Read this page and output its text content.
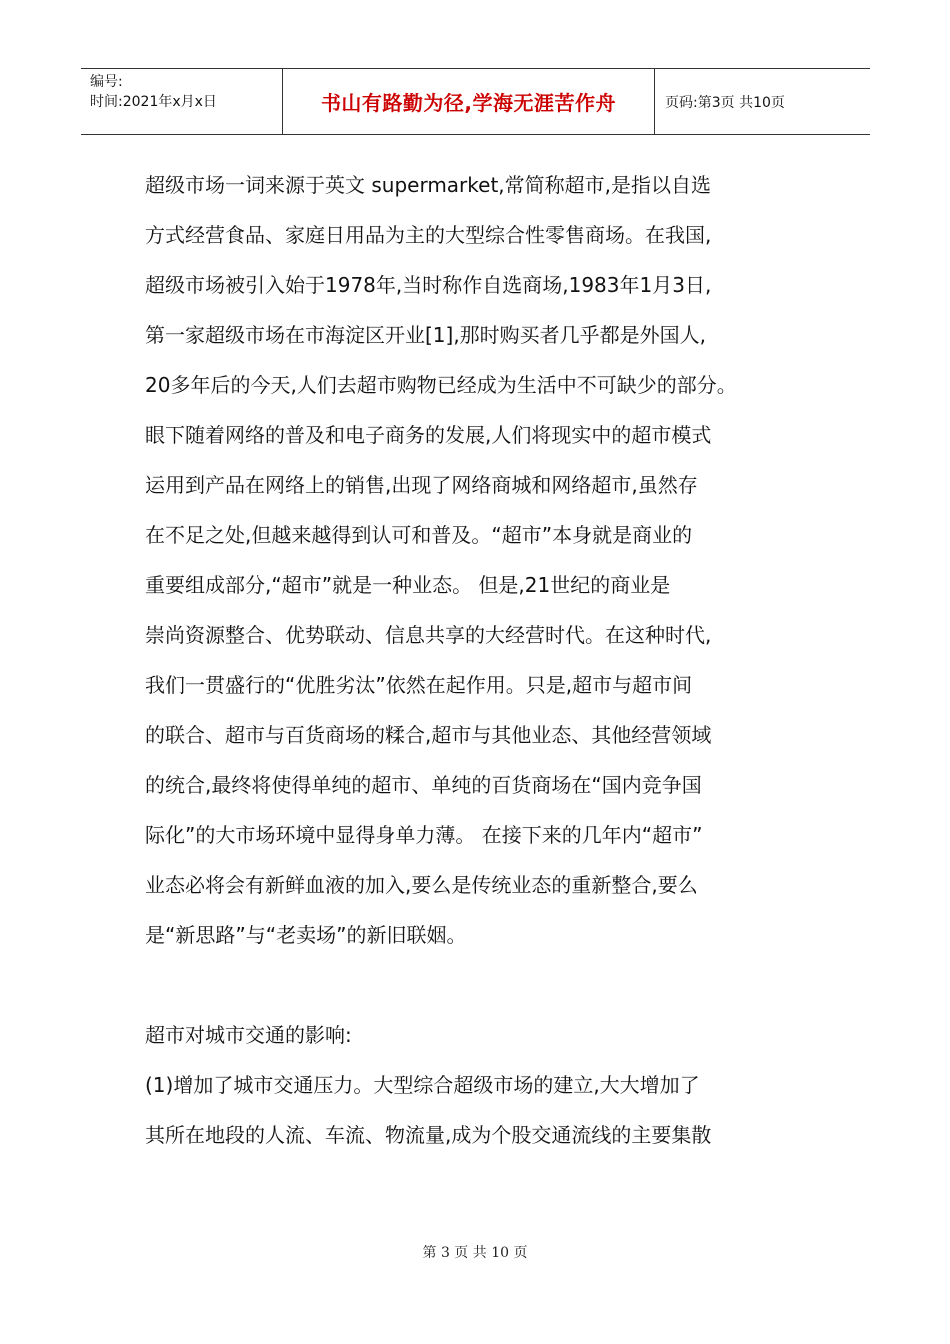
编号:
时间:2021年x月x日	书山有路勤为径,学海无涯苦作舟	页码:第3页 共10页
超级市场一词来源于英文 supermarket,常简称超市,是指以自选
方式经营食品、家庭日用品为主的大型综合性零售商场。在我国,
超级市场被引入始于1978年,当时称作自选商场,1983年1月3日,
第一家超级市场在市海淀区开业[1],那时购买者几乎都是外国人,
20多年后的今天,人们去超市购物已经成为生活中不可缺少的部分。
眼下随着网络的普及和电子商务的发展,人们将现实中的超市模式
运用到产品在网络上的销售,出现了网络商城和网络超市,虽然存
在不足之处,但越来越得到认可和普及。“超市”本身就是商业的
重要组成部分,“超市”就是一种业态。 但是,21世纪的商业是
崇尚资源整合、优势联动、信息共享的大经营时代。在这种时代,
我们一贯盛行的“优胜劣汰”依然在起作用。只是,超市与超市间
的联合、超市与百货商场的糅合,超市与其他业态、其他经营领域
的统合,最终将使得单纯的超市、单纯的百货商场在“国内竞争国
际化”的大市场环境中显得身单力薄。 在接下来的几年内“超市”
业态必将会有新鲜血液的加入,要么是传统业态的重新整合,要么
是“新思路”与“老卖场”的新旧联姻。
超市对城市交通的影响:
(1)增加了城市交通压力。大型综合超级市场的建立,大大增加了
其所在地段的人流、车流、物流量,成为个股交通流线的主要集散
第 3 页 共 10 页
